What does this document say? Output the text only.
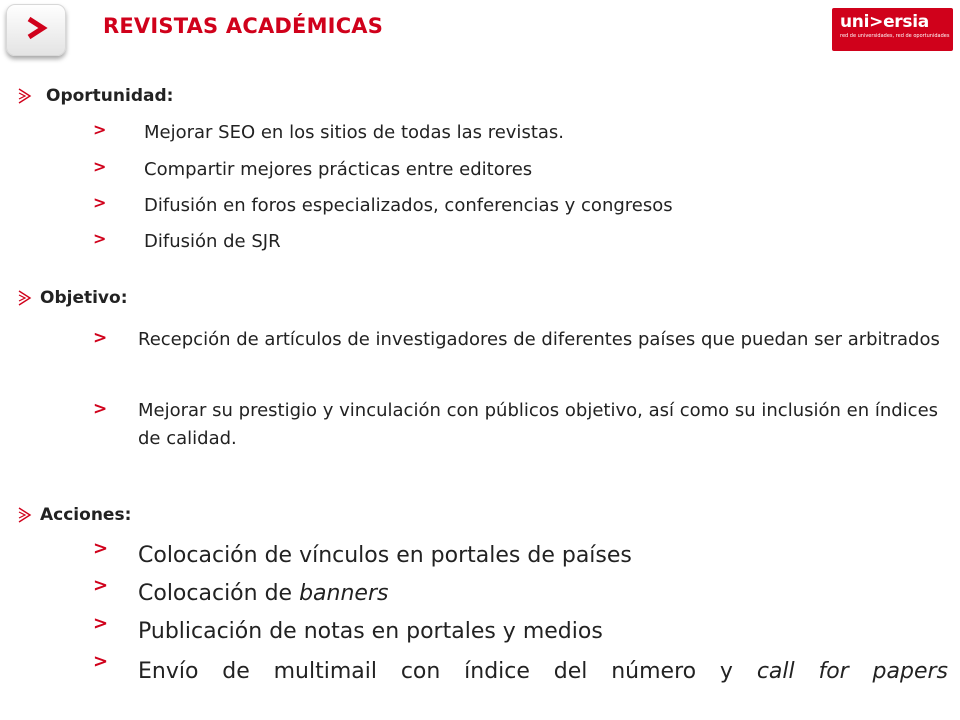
REVISTAS ACADÉMICAS	uni>ersia
red de universidades, red de oportunidades
Oportunidad:
> Mejorar SEO en los sitios de todas las revistas.
> Compartir mejores prácticas entre editores
> Difusión en foros especializados, conferencias y congresos
> Difusión de SJR
Objetivo:
> Recepción de artículos de investigadores de diferentes países que puedan ser arbitrados
> Mejorar su prestigio y vinculación con públicos objetivo, así como su inclusión en índices de calidad.
Acciones:
> Colocación de vínculos en portales de países
> Colocación de banners
> Publicación de notas en portales y medios
> Envío de multimail con índice del número y call for papers
